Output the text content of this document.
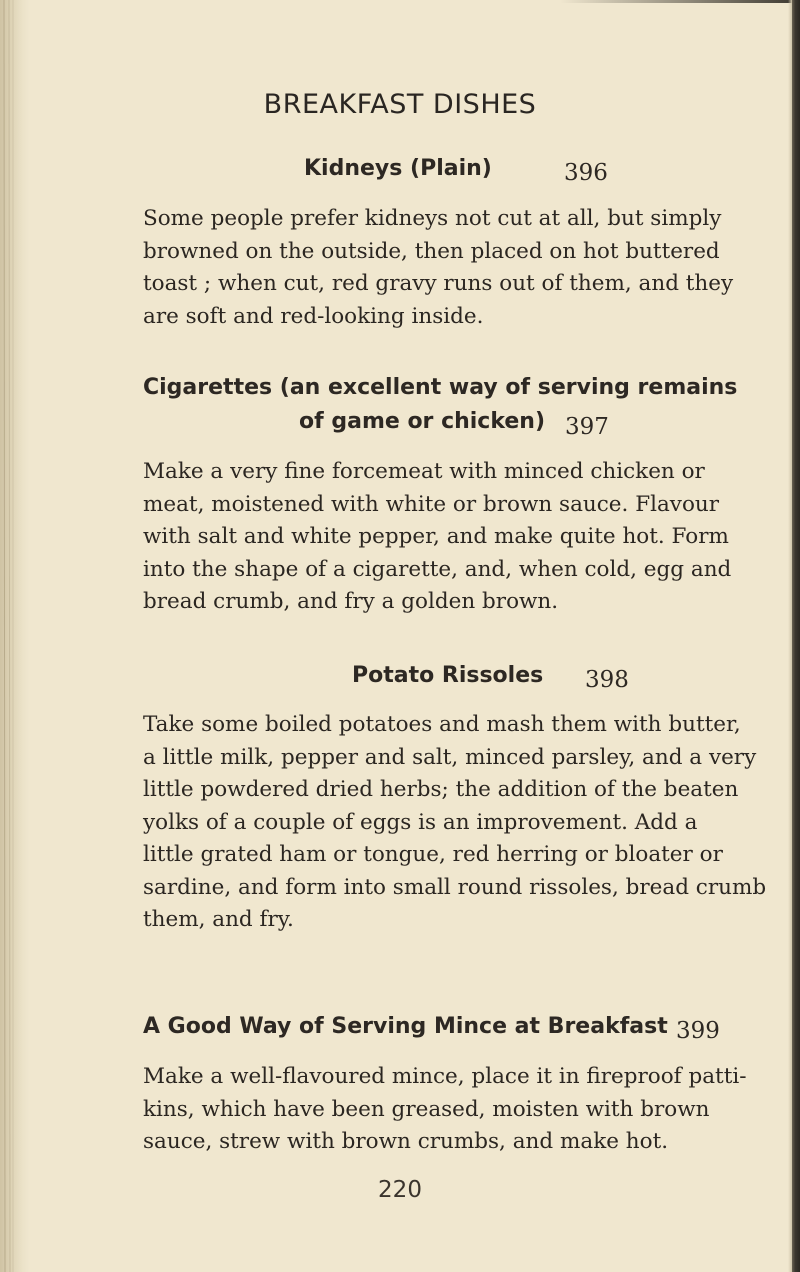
BREAKFAST DISHES
Kidneys (Plain)	396
Some people prefer kidneys not cut at all, but simply
browned on the outside, then placed on hot buttered
toast ; when cut, red gravy runs out of them, and they
are soft and red-looking inside.
Cigarettes (an excellent way of serving remains
of game or chicken) 397
Make a very fine forcemeat with minced chicken or
meat, moistened with white or brown sauce. Flavour
with salt and white pepper, and make quite hot. Form
into the shape of a cigarette, and, when cold, egg and
bread crumb, and fry a golden brown.
Potato Rissoles 398
Take some boiled potatoes and mash them with butter,
a little milk, pepper and salt, minced parsley, and a very
little powdered dried herbs; the addition of the beaten
yolks of a couple of eggs is an improvement. Add a
little grated ham or tongue, red herring or bloater or
sardine, and form into small round rissoles, bread crumb
them, and fry.
A Good Way of Serving Mince at Breakfast 399
Make a well-flavoured mince, place it in fireproof patti-
kins, which have been greased, moisten with brown
sauce, strew with brown crumbs, and make hot.
220
